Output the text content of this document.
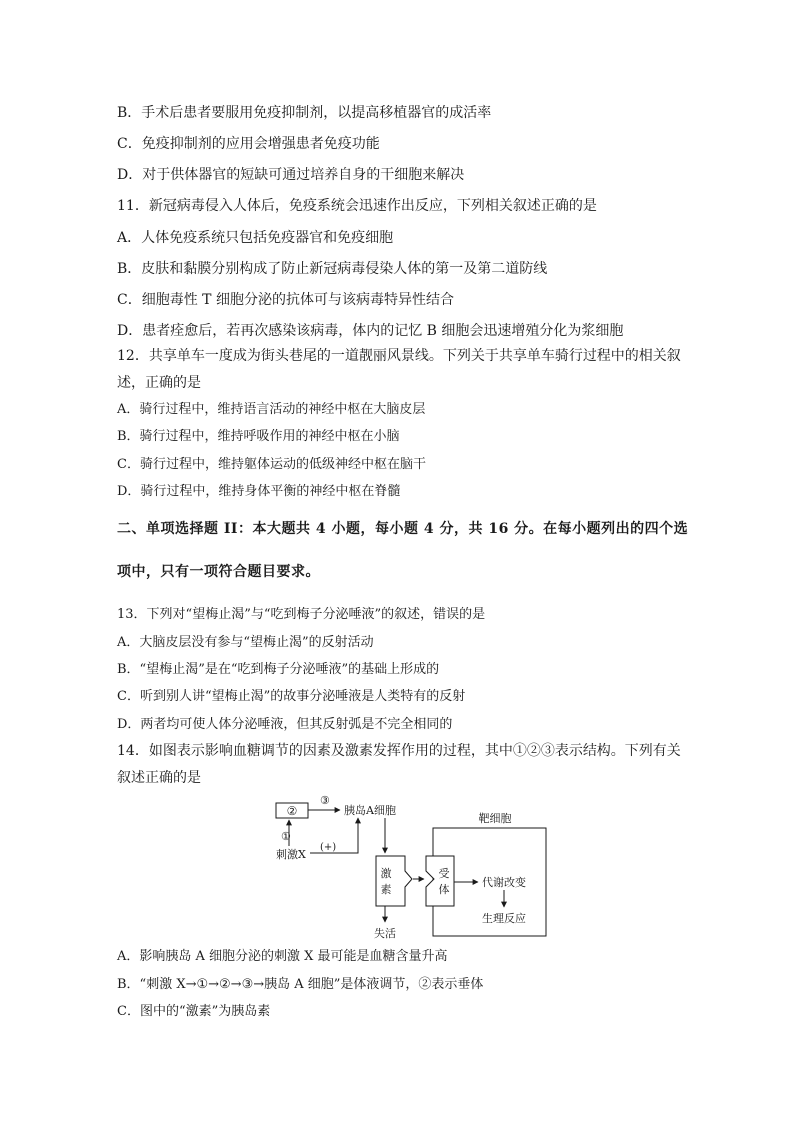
B．手术后患者要服用免疫抑制剂，以提高移植器官的成活率
C．免疫抑制剂的应用会增强患者免疫功能
D．对于供体器官的短缺可通过培养自身的干细胞来解决
11．新冠病毒侵入人体后，免疫系统会迅速作出反应，下列相关叙述正确的是
A．人体免疫系统只包括免疫器官和免疫细胞
B．皮肤和黏膜分别构成了防止新冠病毒侵染人体的第一及第二道防线
C．细胞毒性 T 细胞分泌的抗体可与该病毒特异性结合
D．患者痊愈后，若再次感染该病毒，体内的记忆 B 细胞会迅速增殖分化为浆细胞
12．共享单车一度成为街头巷尾的一道靓丽风景线。下列关于共享单车骑行过程中的相关叙
述，正确的是
A．骑行过程中，维持语言活动的神经中枢在大脑皮层
B．骑行过程中，维持呼吸作用的神经中枢在小脑
C．骑行过程中，维持躯体运动的低级神经中枢在脑干
D．骑行过程中，维持身体平衡的神经中枢在脊髓
二、单项选择题 II：本大题共 4 小题，每小题 4 分，共 16 分。在每小题列出的四个选
项中，只有一项符合题目要求。
13．下列对“望梅止渴”与“吃到梅子分泌唾液”的叙述，错误的是
A．大脑皮层没有参与“望梅止渴”的反射活动
B．“望梅止渴”是在“吃到梅子分泌唾液”的基础上形成的
C．听到别人讲“望梅止渴”的故事分泌唾液是人类特有的反射
D．两者均可使人体分泌唾液，但其反射弧是不完全相同的
14．如图表示影响血糖调节的因素及激素发挥作用的过程，其中①②③表示结构。下列有关
叙述正确的是
②
③
胰岛A细胞
①
刺激X
(+)
激
素
失活
靶细胞
受
体
代谢改变
生理反应
A．影响胰岛 A 细胞分泌的刺激 X 最可能是血糖含量升高
B．“刺激 X→①→②→③→胰岛 A 细胞”是体液调节，②表示垂体
C．图中的“激素”为胰岛素
